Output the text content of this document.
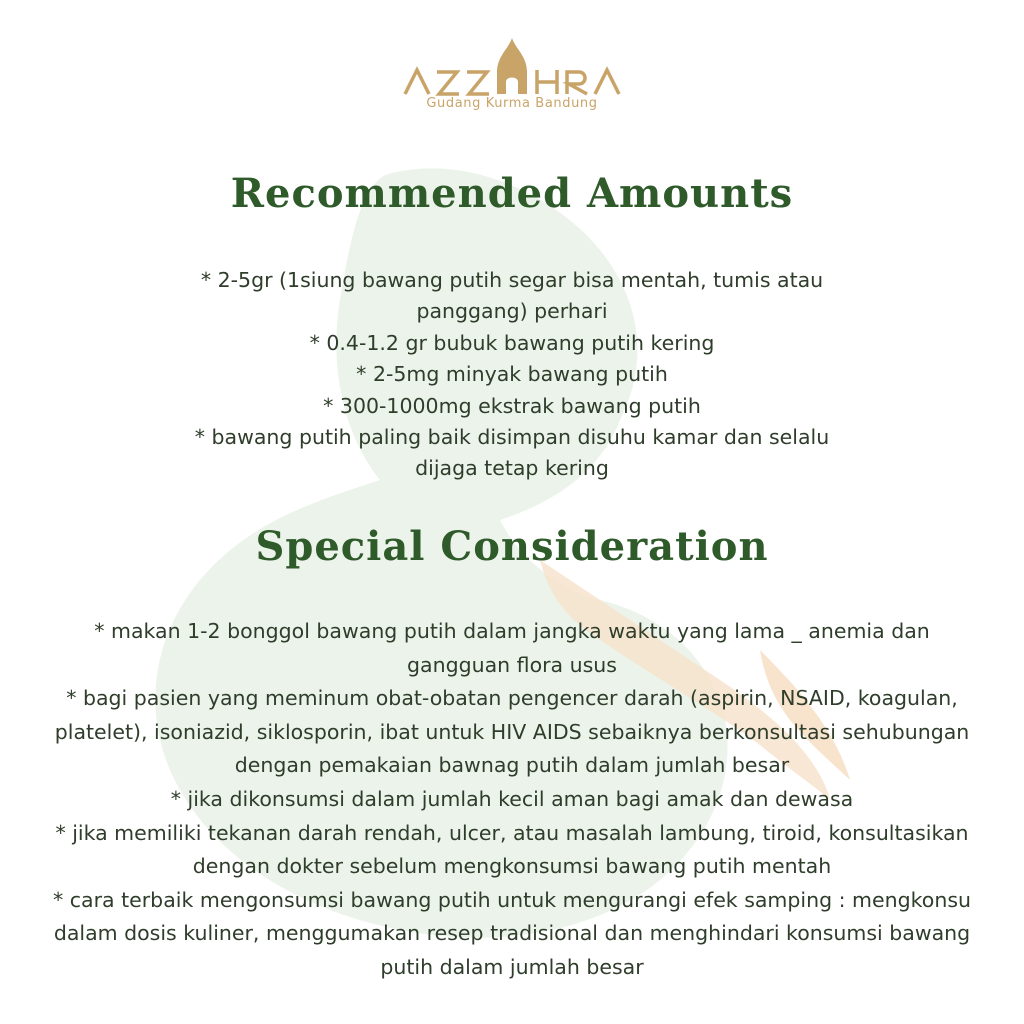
Gudang Kurma Bandung
Recommended Amounts
* 2-5gr (1siung bawang putih segar bisa mentah, tumis atau
panggang) perhari
* 0.4-1.2 gr bubuk bawang putih kering
* 2-5mg minyak bawang putih
* 300-1000mg ekstrak bawang putih
* bawang putih paling baik disimpan disuhu kamar dan selalu
dijaga tetap kering
Special Consideration
* makan 1-2 bonggol bawang putih dalam jangka waktu yang lama _ anemia dan
gangguan flora usus
* bagi pasien yang meminum obat-obatan pengencer darah (aspirin, NSAID, koagulan,
platelet), isoniazid, siklosporin, ibat untuk HIV AIDS sebaiknya berkonsultasi sehubungan
dengan pemakaian bawnag putih dalam jumlah besar
* jika dikonsumsi dalam jumlah kecil aman bagi amak dan dewasa
* jika memiliki tekanan darah rendah, ulcer, atau masalah lambung, tiroid, konsultasikan
dengan dokter sebelum mengkonsumsi bawang putih mentah
* cara terbaik mengonsumsi bawang putih untuk mengurangi efek samping : mengkonsu
dalam dosis kuliner, menggumakan resep tradisional dan menghindari konsumsi bawang
putih dalam jumlah besar
